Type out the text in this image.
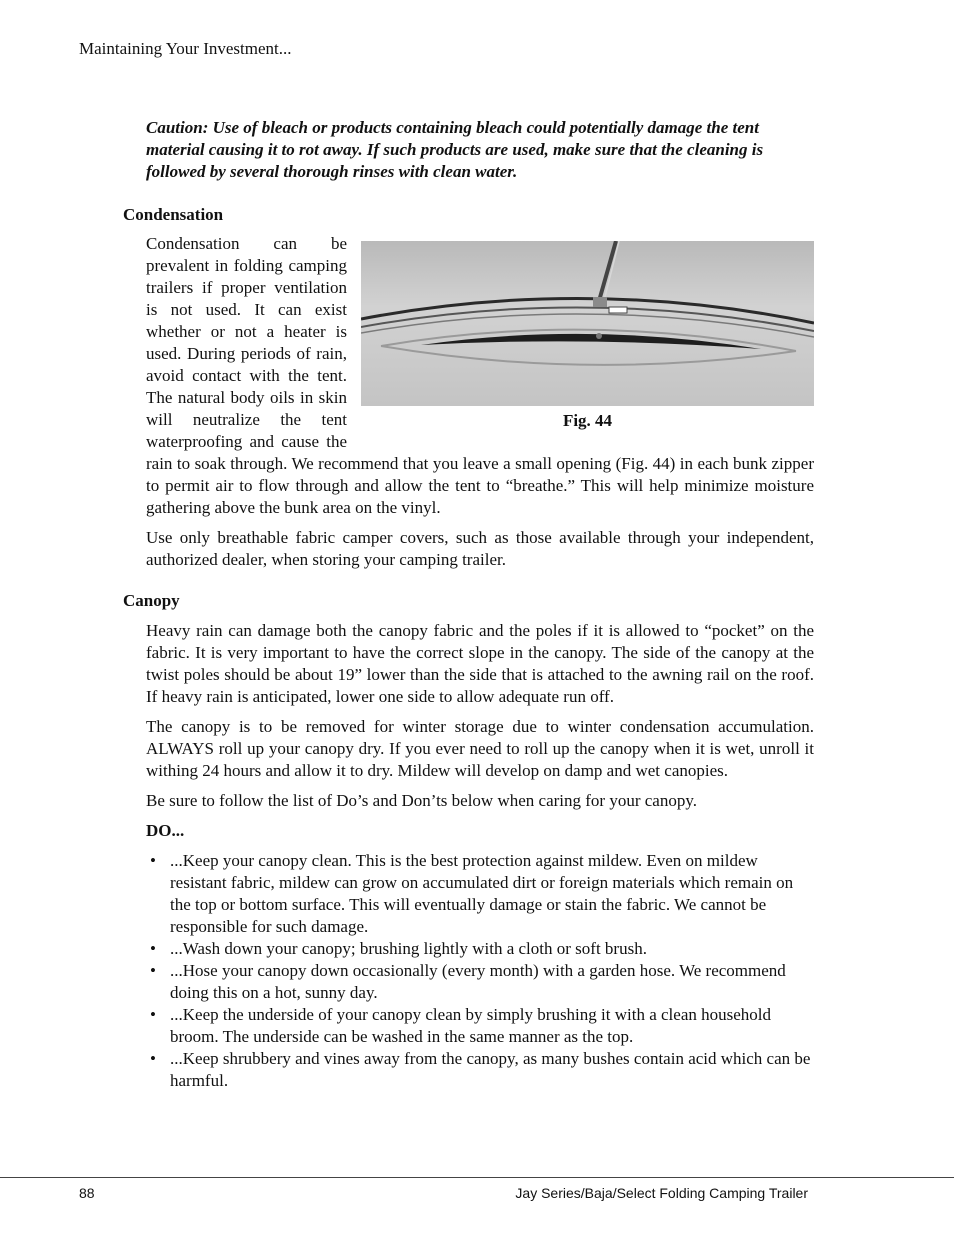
Maintaining Your Investment...

Caution: Use of bleach or products containing bleach could potentially damage the tent material causing it to rot away. If such products are used, make sure that the cleaning is followed by several thorough rinses with clean water.

Condensation
Fig. 44

Condensation can be prevalent in folding camping trailers if proper ventilation is not used. It can exist whether or not a heater is used. During periods of rain, avoid contact with the tent. The natural body oils in skin will neutralize the tent waterproofing and cause the rain to soak through. We recommend that you leave a small opening (Fig. 44) in each bunk zipper to permit air to flow through and allow the tent to “breathe.” This will help minimize moisture gathering above the bunk area on the vinyl.

Use only breathable fabric camper covers, such as those available through your independent, authorized dealer, when storing your camping trailer.

Canopy

Heavy rain can damage both the canopy fabric and the poles if it is allowed to “pocket” on the fabric. It is very important to have the correct slope in the canopy. The side of the canopy at the twist poles should be about 19” lower than the side that is attached to the awning rail on the roof. If heavy rain is anticipated, lower one side to allow adequate run off.

The canopy is to be removed for winter storage due to winter condensation accumulation. ALWAYS roll up your canopy dry. If you ever need to roll up the canopy when it is wet, unroll it withing 24 hours and allow it to dry. Mildew will develop on damp and wet canopies.

Be sure to follow the list of Do’s and Don’ts below when caring for your canopy.

DO...

• ...Keep your canopy clean. This is the best protection against mildew. Even on mildew resistant fabric, mildew can grow on accumulated dirt or foreign materials which remain on the top or bottom surface. This will eventually damage or stain the fabric. We cannot be responsible for such damage.
• ...Wash down your canopy; brushing lightly with a cloth or soft brush.
• ...Hose your canopy down occasionally (every month) with a garden hose. We recommend doing this on a hot, sunny day.
• ...Keep the underside of your canopy clean by simply brushing it with a clean household broom. The underside can be washed in the same manner as the top.
• ...Keep shrubbery and vines away from the canopy, as many bushes contain acid which can be harmful.
88	Jay Series/Baja/Select Folding Camping Trailer
